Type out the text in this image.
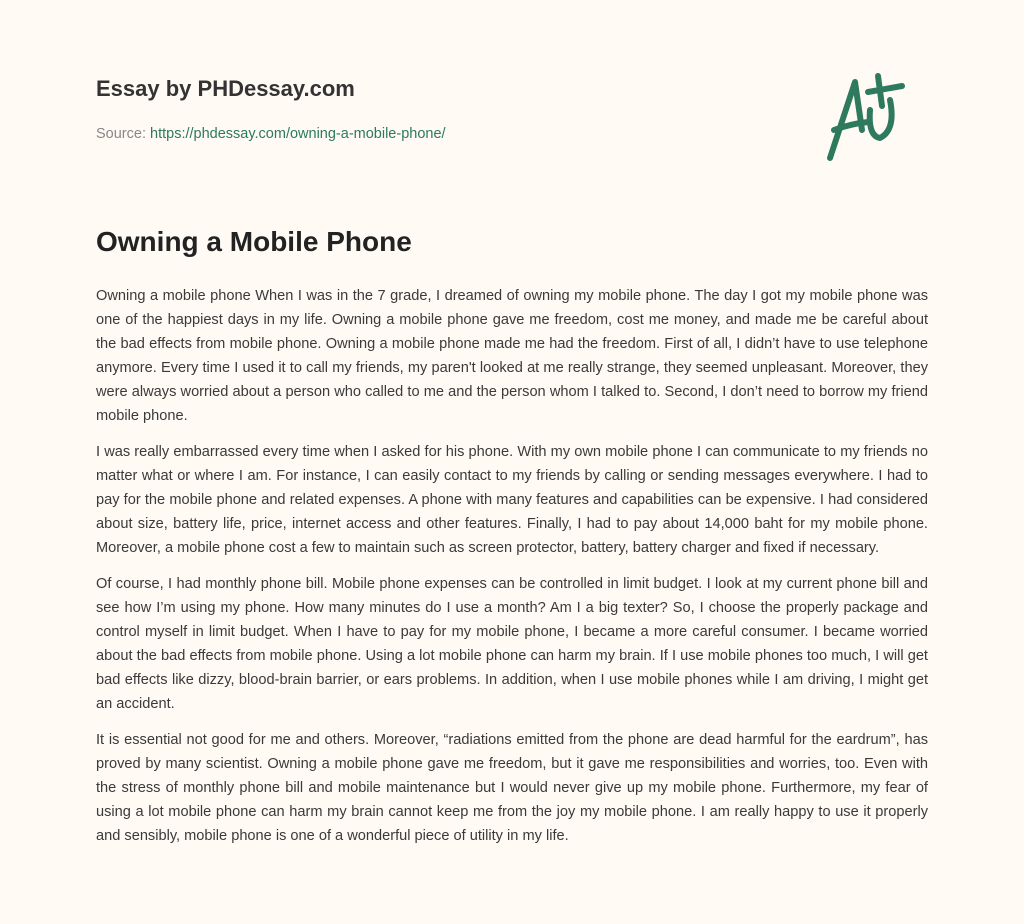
Essay by PHDessay.com
Source: https://phdessay.com/owning-a-mobile-phone/
Owning a Mobile Phone

Owning a mobile phone When I was in the 7 grade, I dreamed of owning my mobile phone. The day I got my mobile phone was one of the happiest days in my life. Owning a mobile phone gave me freedom, cost me money, and made me be careful about the bad effects from mobile phone. Owning a mobile phone made me had the freedom. First of all, I didn’t have to use telephone anymore. Every time I used it to call my friends, my paren't looked at me really strange, they seemed unpleasant. Moreover, they were always worried about a person who called to me and the person whom I talked to. Second, I don’t need to borrow my friend mobile phone.

I was really embarrassed every time when I asked for his phone. With my own mobile phone I can communicate to my friends no matter what or where I am. For instance, I can easily contact to my friends by calling or sending messages everywhere. I had to pay for the mobile phone and related expenses. A phone with many features and capabilities can be expensive. I had considered about size, battery life, price, internet access and other features. Finally, I had to pay about 14,000 baht for my mobile phone. Moreover, a mobile phone cost a few to maintain such as screen protector, battery, battery charger and fixed if necessary.

Of course, I had monthly phone bill. Mobile phone expenses can be controlled in limit budget. I look at my current phone bill and see how I’m using my phone. How many minutes do I use a month? Am I a big texter? So, I choose the properly package and control myself in limit budget. When I have to pay for my mobile phone, I became a more careful consumer. I became worried about the bad effects from mobile phone. Using a lot mobile phone can harm my brain. If I use mobile phones too much, I will get bad effects like dizzy, blood-brain barrier, or ears problems. In addition, when I use mobile phones while I am driving, I might get an accident.

It is essential not good for me and others. Moreover, “radiations emitted from the phone are dead harmful for the eardrum”, has proved by many scientist. Owning a mobile phone gave me freedom, but it gave me responsibilities and worries, too. Even with the stress of monthly phone bill and mobile maintenance but I would never give up my mobile phone. Furthermore, my fear of using a lot mobile phone can harm my brain cannot keep me from the joy my mobile phone. I am really happy to use it properly and sensibly, mobile phone is one of a wonderful piece of utility in my life.
